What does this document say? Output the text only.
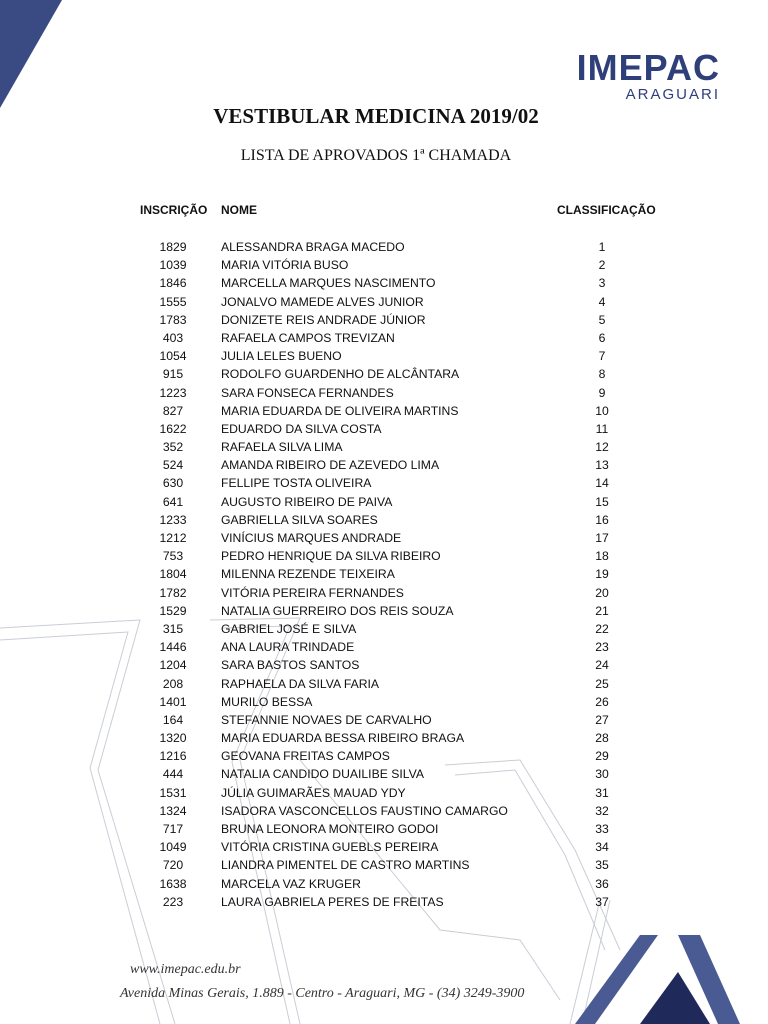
IMEPAC
ARAGUARI
VESTIBULAR MEDICINA 2019/02
LISTA DE APROVADOS 1ª CHAMADA
INSCRIÇÃO NOME	CLASSIFICAÇÃO
1829	ALESSANDRA BRAGA MACEDO	1
1039	MARIA VITÓRIA BUSO	2
1846	MARCELLA MARQUES NASCIMENTO	3
1555	JONALVO MAMEDE ALVES JUNIOR	4
1783	DONIZETE REIS ANDRADE JÚNIOR	5
403	RAFAELA CAMPOS TREVIZAN	6
1054	JULIA LELES BUENO	7
915	RODOLFO GUARDENHO DE ALCÂNTARA	8
1223	SARA FONSECA FERNANDES	9
827	MARIA EDUARDA DE OLIVEIRA MARTINS	10
1622	EDUARDO DA SILVA COSTA	11
352	RAFAELA SILVA LIMA	12
524	AMANDA RIBEIRO DE AZEVEDO LIMA	13
630	FELLIPE TOSTA OLIVEIRA	14
641	AUGUSTO RIBEIRO DE PAIVA	15
1233	GABRIELLA SILVA SOARES	16
1212	VINÍCIUS MARQUES ANDRADE	17
753	PEDRO HENRIQUE DA SILVA RIBEIRO	18
1804	MILENNA REZENDE TEIXEIRA	19
1782	VITÓRIA PEREIRA FERNANDES	20
1529	NATALIA GUERREIRO DOS REIS SOUZA	21
315	GABRIEL JOSÉ E SILVA	22
1446	ANA LAURA TRINDADE	23
1204	SARA BASTOS SANTOS	24
208	RAPHAELA DA SILVA FARIA	25
1401	MURILO BESSA	26
164	STEFANNIE NOVAES DE CARVALHO	27
1320	MARIA EDUARDA BESSA RIBEIRO BRAGA	28
1216	GEOVANA FREITAS CAMPOS	29
444	NATALIA CANDIDO DUAILIBE SILVA	30
1531	JÚLIA GUIMARÃES MAUAD YDY	31
1324	ISADORA VASCONCELLOS FAUSTINO CAMARGO	32
717	BRUNA LEONORA MONTEIRO GODOI	33
1049	VITÓRIA CRISTINA GUEBLS PEREIRA	34
720	LIANDRA PIMENTEL DE CASTRO MARTINS	35
1638	MARCELA VAZ KRUGER	36
223	LAURA GABRIELA PERES DE FREITAS	37
www.imepac.edu.br
Avenida Minas Gerais, 1.889 - Centro - Araguari, MG - (34) 3249-3900
